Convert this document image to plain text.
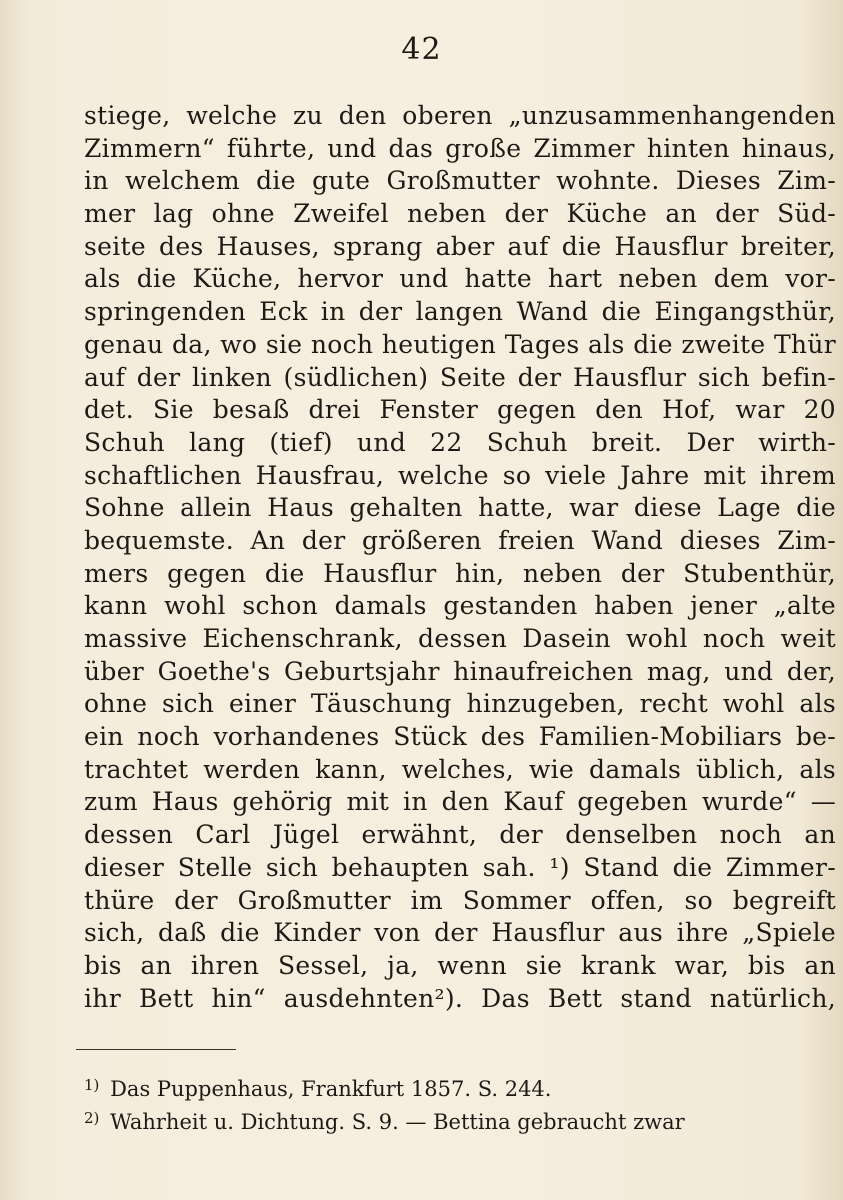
42
stiege, welche zu den oberen „unzusammenhangenden
Zimmern“ führte, und das große Zimmer hinten hinaus,
in welchem die gute Großmutter wohnte. Dieses Zim-
mer lag ohne Zweifel neben der Küche an der Süd-
seite des Hauses, sprang aber auf die Hausflur breiter,
als die Küche, hervor und hatte hart neben dem vor-
springenden Eck in der langen Wand die Eingangsthür,
genau da, wo sie noch heutigen Tages als die zweite Thür
auf der linken (südlichen) Seite der Hausflur sich befin-
det. Sie besaß drei Fenster gegen den Hof, war 20
Schuh lang (tief) und 22 Schuh breit. Der wirth-
schaftlichen Hausfrau, welche so viele Jahre mit ihrem
Sohne allein Haus gehalten hatte, war diese Lage die
bequemste. An der größeren freien Wand dieses Zim-
mers gegen die Hausflur hin, neben der Stubenthür,
kann wohl schon damals gestanden haben jener „alte
massive Eichenschrank, dessen Dasein wohl noch weit
über Goethe's Geburtsjahr hinaufreichen mag, und der,
ohne sich einer Täuschung hinzugeben, recht wohl als
ein noch vorhandenes Stück des Familien-Mobiliars be-
trachtet werden kann, welches, wie damals üblich, als
zum Haus gehörig mit in den Kauf gegeben wurde“ —
dessen Carl Jügel erwähnt, der denselben noch an
dieser Stelle sich behaupten sah. ¹) Stand die Zimmer-
thüre der Großmutter im Sommer offen, so begreift
sich, daß die Kinder von der Hausflur aus ihre „Spiele
bis an ihren Sessel, ja, wenn sie krank war, bis an
ihr Bett hin“ ausdehnten²). Das Bett stand natürlich,
$^{1)}$ Das Puppenhaus, Frankfurt 1857. S. 244.
$^{2)}$ Wahrheit u. Dichtung. S. 9. — Bettina gebraucht zwar
